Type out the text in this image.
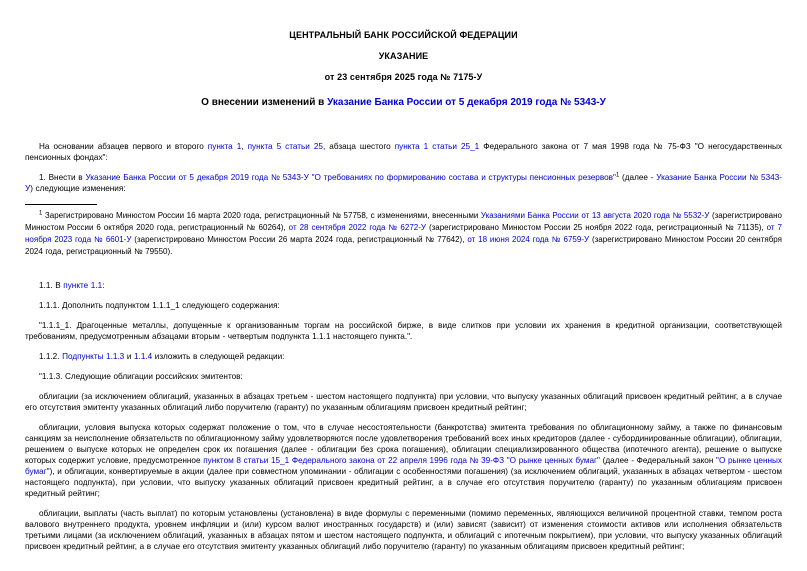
ЦЕНТРАЛЬНЫЙ БАНК РОССИЙСКОЙ ФЕДЕРАЦИИ

УКАЗАНИЕ

от 23 сентября 2025 года № 7175-У

О внесении изменений в Указание Банка России от 5 декабря 2019 года № 5343-У

На основании абзацев первого и второго пункта 1, пункта 5 статьи 25, абзаца шестого пункта 1 статьи 25_1 Федерального закона от 7 мая 1998 года № 75-ФЗ "О негосударственных пенсионных фондах":

1. Внести в Указание Банка России от 5 декабря 2019 года № 5343-У "О требованиях по формированию состава и структуры пенсионных резервов"$^1$ (далее - Указание Банка России № 5343-У) следующие изменения:

$^1$ Зарегистрировано Минюстом России 16 марта 2020 года, регистрационный № 57758, с изменениями, внесенными Указаниями Банка России от 13 августа 2020 года № 5532-У (зарегистрировано Минюстом России 6 октября 2020 года, регистрационный № 60264), от 28 сентября 2022 года № 6272-У (зарегистрировано Минюстом России 25 ноября 2022 года, регистрационный № 71135), от 7 ноября 2023 года № 6601-У (зарегистрировано Минюстом России 26 марта 2024 года, регистрационный № 77642), от 18 июня 2024 года № 6759-У (зарегистрировано Минюстом России 20 сентября 2024 года, регистрационный № 79550).

1.1. В пункте 1.1:

1.1.1. Дополнить подпунктом 1.1.1_1 следующего содержания:

"1.1.1_1. Драгоценные металлы, допущенные к организованным торгам на российской бирже, в виде слитков при условии их хранения в кредитной организации, соответствующей требованиям, предусмотренным абзацами вторым - четвертым подпункта 1.1.1 настоящего пункта.".

1.1.2. Подпункты 1.1.3 и 1.1.4 изложить в следующей редакции:

"1.1.3. Следующие облигации российских эмитентов:

облигации (за исключением облигаций, указанных в абзацах третьем - шестом настоящего подпункта) при условии, что выпуску указанных облигаций присвоен кредитный рейтинг, а в случае его отсутствия эмитенту указанных облигаций либо поручителю (гаранту) по указанным облигациям присвоен кредитный рейтинг;

облигации, условия выпуска которых содержат положение о том, что в случае несостоятельности (банкротства) эмитента требования по облигационному займу, а также по финансовым санкциям за неисполнение обязательств по облигационному займу удовлетворяются после удовлетворения требований всех иных кредиторов (далее - субординированные облигации), облигации, решением о выпуске которых не определен срок их погашения (далее - облигации без срока погашения), облигации специализированного общества (ипотечного агента), решение о выпуске которых содержит условие, предусмотренное пунктом 8 статьи 15_1 Федерального закона от 22 апреля 1996 года № 39-ФЗ "О рынке ценных бумаг" (далее - Федеральный закон "О рынке ценных бумаг"), и облигации, конвертируемые в акции (далее при совместном упоминании - облигации с особенностями погашения) (за исключением облигаций, указанных в абзацах четвертом - шестом настоящего подпункта), при условии, что выпуску указанных облигаций присвоен кредитный рейтинг, а в случае его отсутствия поручителю (гаранту) по указанным облигациям присвоен кредитный рейтинг;

облигации, выплаты (часть выплат) по которым установлены (установлена) в виде формулы с переменными (помимо переменных, являющихся величиной процентной ставки, темпом роста валового внутреннего продукта, уровнем инфляции и (или) курсом валют иностранных государств) и (или) зависят (зависит) от изменения стоимости активов или исполнения обязательств третьими лицами (за исключением облигаций, указанных в абзацах пятом и шестом настоящего подпункта, и облигаций с ипотечным покрытием), при условии, что выпуску указанных облигаций присвоен кредитный рейтинг, а в случае его отсутствия эмитенту указанных облигаций либо поручителю (гаранту) по указанным облигациям присвоен кредитный рейтинг;
